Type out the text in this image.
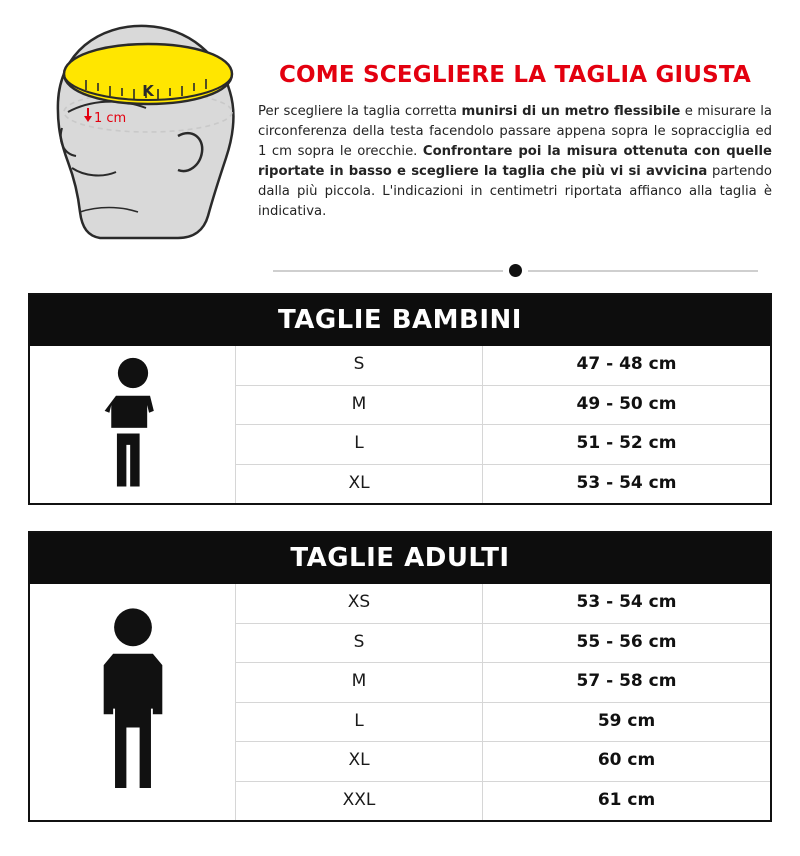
K
1 cm
COME SCEGLIERE LA TAGLIA GIUSTA

Per scegliere la taglia corretta munirsi di un metro flessibile e misurare la circonferenza della testa facendolo passare appena sopra le sopracciglia ed 1 cm sopra le orecchie. Confrontare poi la misura ottenuta con quelle riportate in basso e scegliere la taglia che più vi si avvicina partendo dalla più piccola. L'indicazioni in centimetri riportata affianco alla taglia è indicativa.

TAGLIE BAMBINI
S	47 - 48 cm
M	49 - 50 cm
L	51 - 52 cm
XL	53 - 54 cm
TAGLIE ADULTI
XS	53 - 54 cm
S	55 - 56 cm
M	57 - 58 cm
L	59 cm
XL	60 cm
XXL	61 cm
